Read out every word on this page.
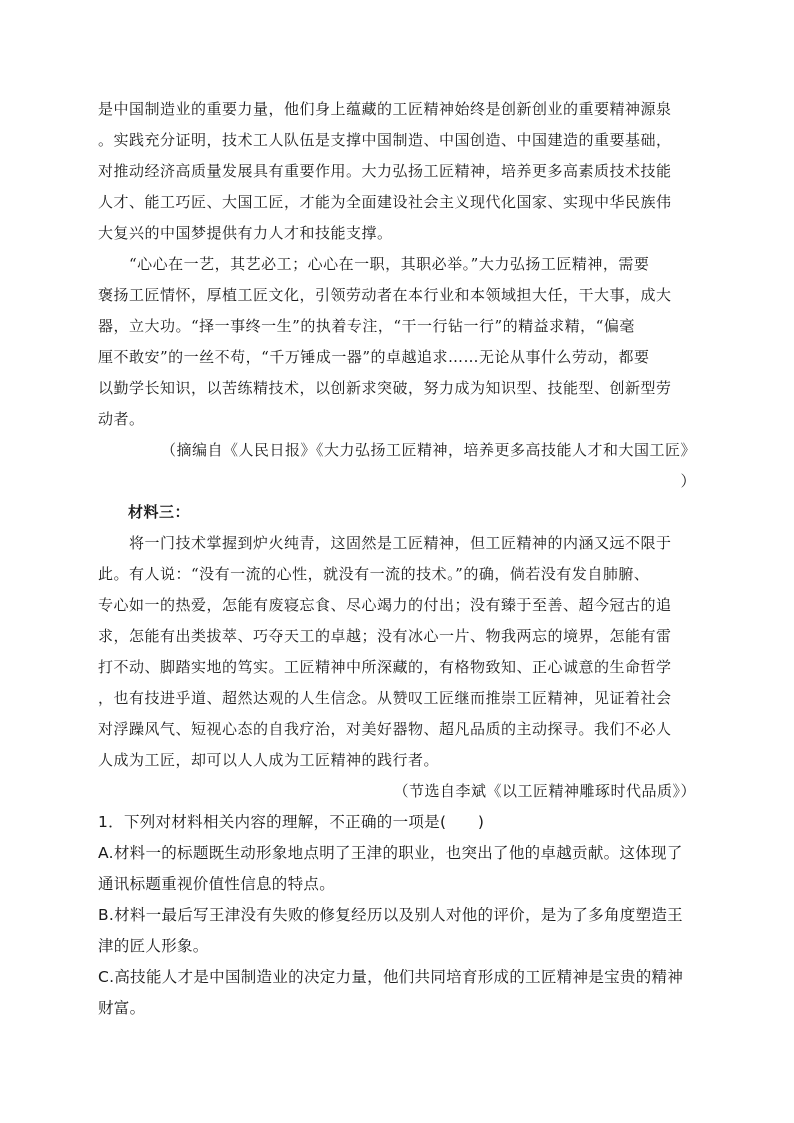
是中国制造业的重要力量，他们身上蕴藏的工匠精神始终是创新创业的重要精神源泉
。实践充分证明，技术工人队伍是支撑中国制造、中国创造、中国建造的重要基础，
对推动经济高质量发展具有重要作用。大力弘扬工匠精神，培养更多高素质技术技能
人才、能工巧匠、大国工匠，才能为全面建设社会主义现代化国家、实现中华民族伟
大复兴的中国梦提供有力人才和技能支撑。
　　“心心在一艺，其艺必工；心心在一职，其职必举。”大力弘扬工匠精神，需要
褒扬工匠情怀，厚植工匠文化，引领劳动者在本行业和本领域担大任，干大事，成大
器，立大功。“择一事终一生”的执着专注，“干一行钻一行”的精益求精，“偏毫
厘不敢安”的一丝不苟，“千万锤成一器”的卓越追求……无论从事什么劳动，都要
以勤学长知识，以苦练精技术，以创新求突破，努力成为知识型、技能型、创新型劳
动者。
（摘编自《人民日报》《大力弘扬工匠精神，培养更多高技能人才和大国工匠》
）
材料三：
　　将一门技术掌握到炉火纯青，这固然是工匠精神，但工匠精神的内涵又远不限于
此。有人说：“没有一流的心性，就没有一流的技术。”的确，倘若没有发自肺腑、
专心如一的热爱，怎能有废寝忘食、尽心竭力的付出；没有臻于至善、超今冠古的追
求，怎能有出类拔萃、巧夺天工的卓越；没有冰心一片、物我两忘的境界，怎能有雷
打不动、脚踏实地的笃实。工匠精神中所深藏的，有格物致知、正心诚意的生命哲学
，也有技进乎道、超然达观的人生信念。从赞叹工匠继而推崇工匠精神，见证着社会
对浮躁风气、短视心态的自我疗治，对美好器物、超凡品质的主动探寻。我们不必人
人成为工匠，却可以人人成为工匠精神的践行者。
（节选自李斌《以工匠精神雕琢时代品质》）
1．下列对材料相关内容的理解，不正确的一项是(　　)
A.材料一的标题既生动形象地点明了王津的职业，也突出了他的卓越贡献。这体现了
通讯标题重视价值性信息的特点。
B.材料一最后写王津没有失败的修复经历以及别人对他的评价，是为了多角度塑造王
津的匠人形象。
C.高技能人才是中国制造业的决定力量，他们共同培育形成的工匠精神是宝贵的精神
财富。
